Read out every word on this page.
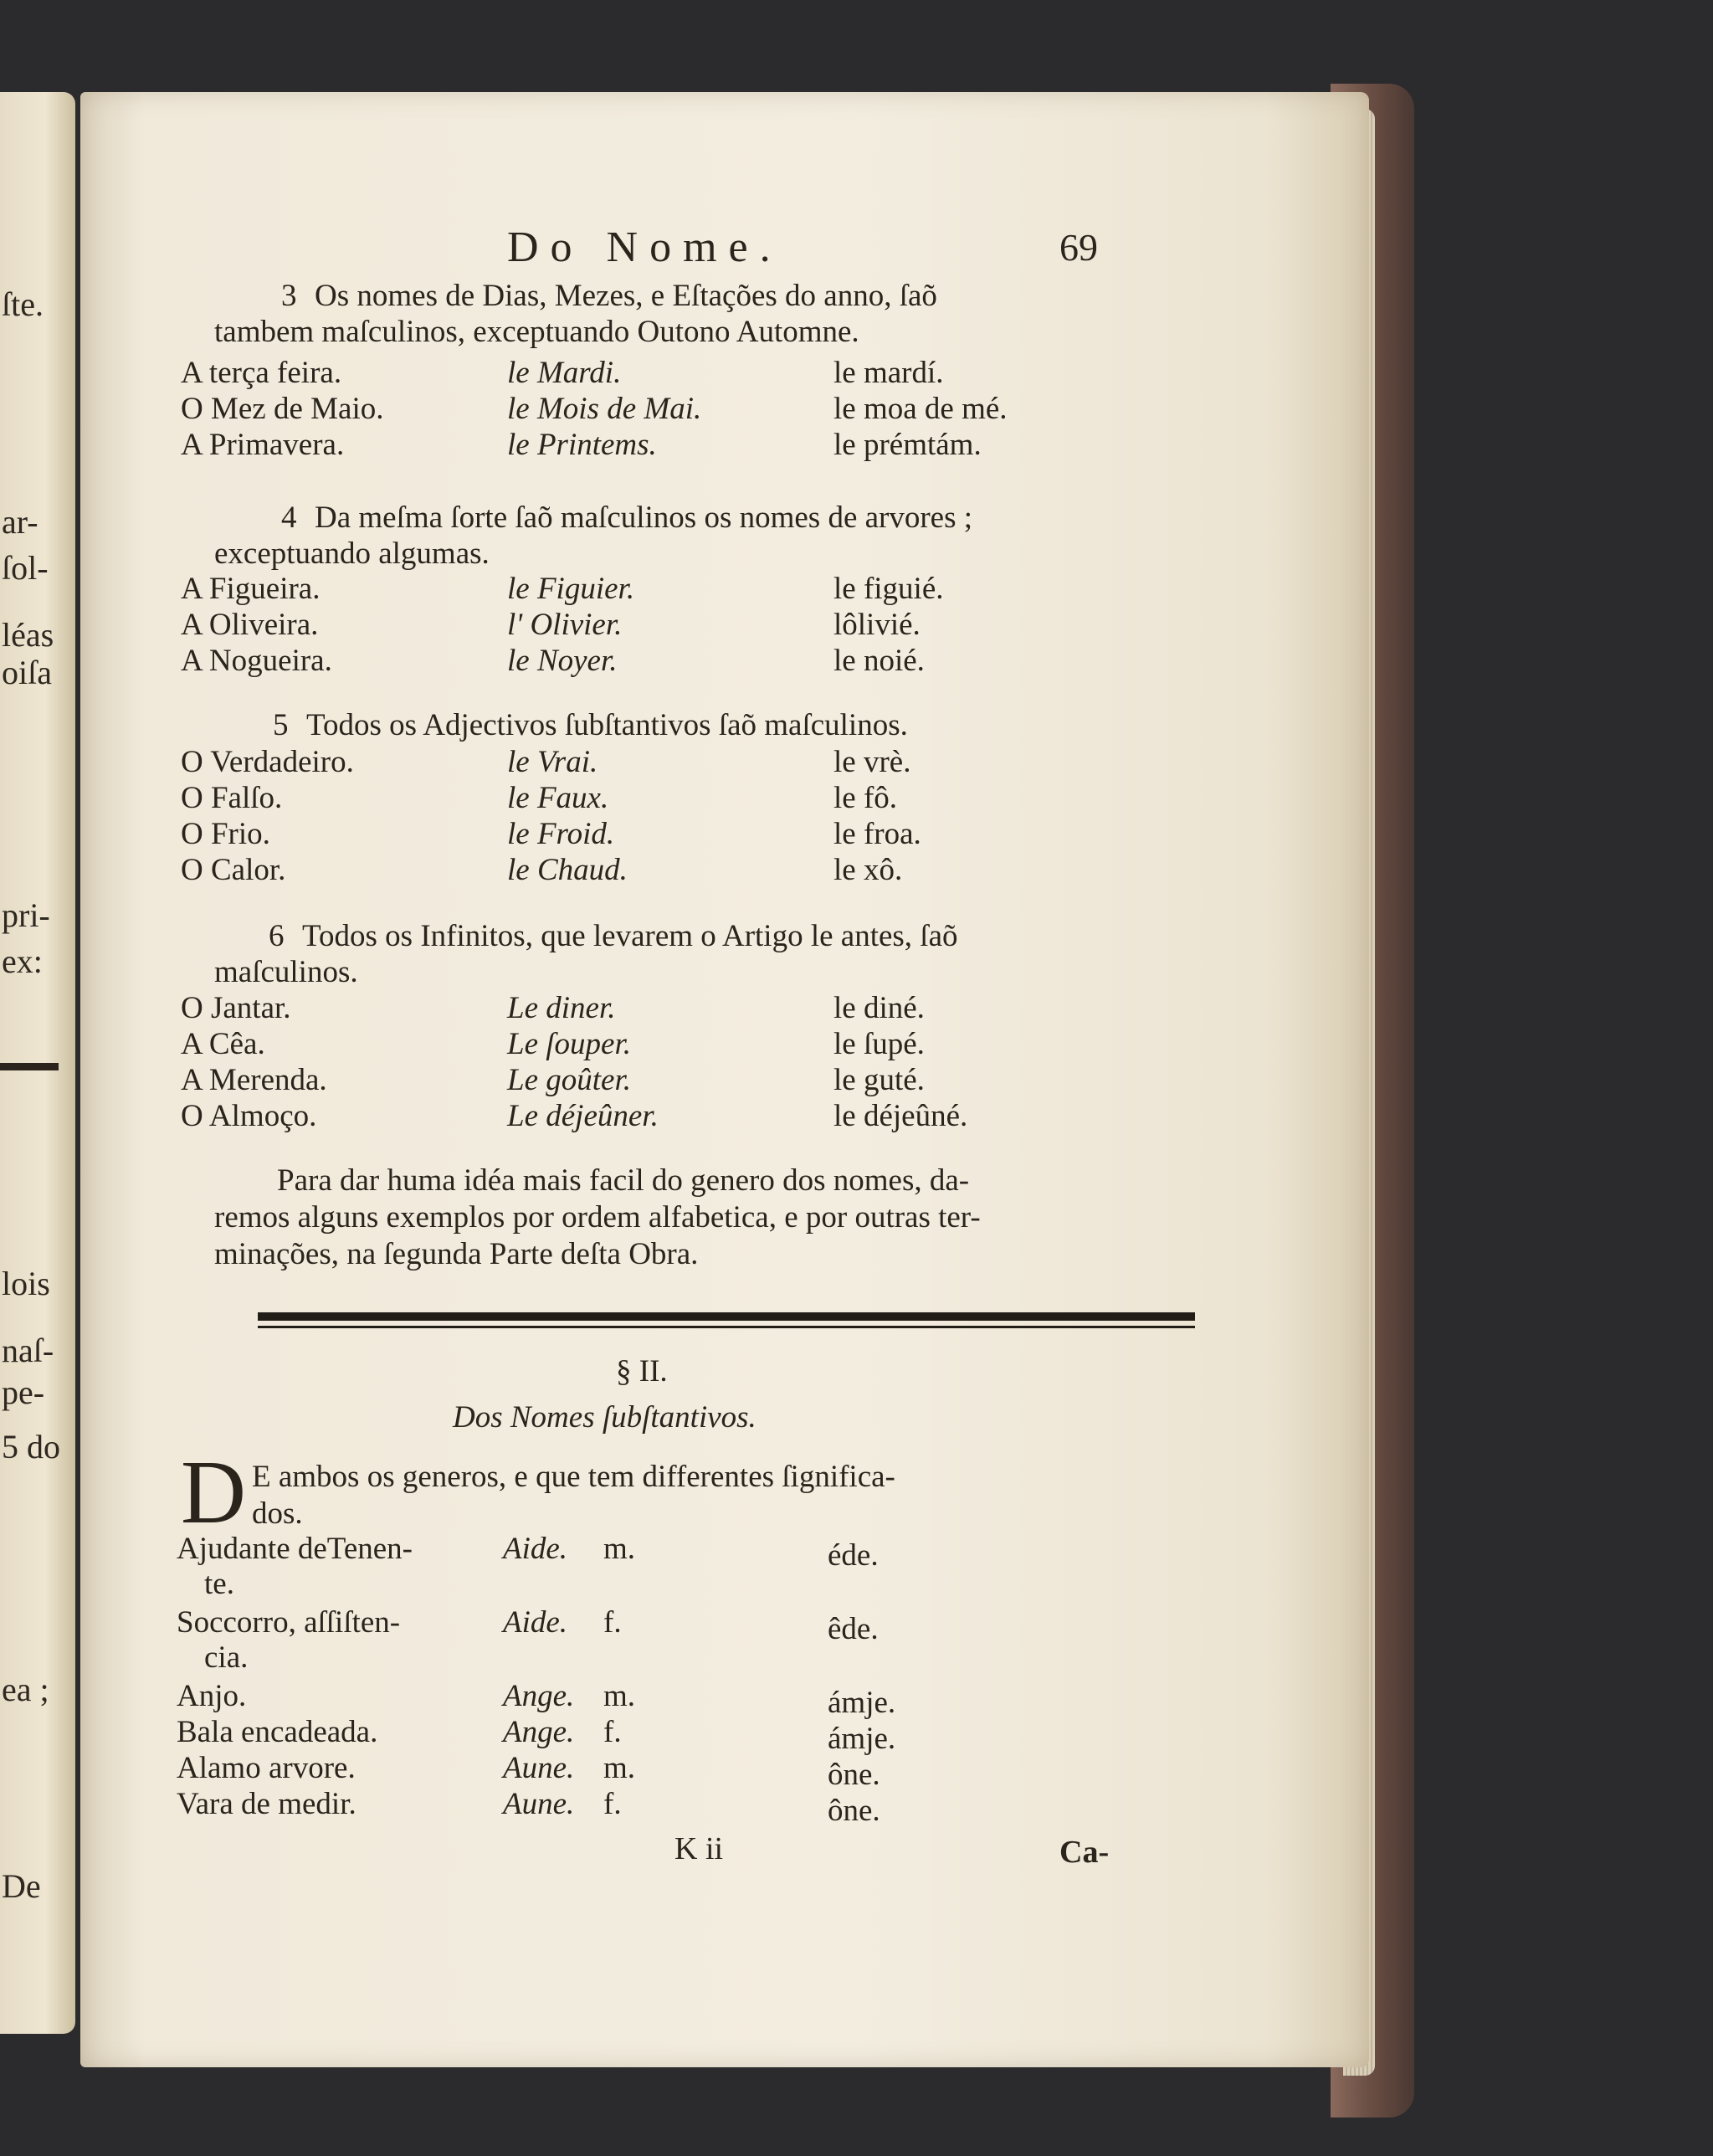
ſte.
ar-
ſol-
léas
oiſa
pri-
ex:
lois
naſ-
pe-
5 do
ea ;
De
Do Nome.	69
3 Os nomes de Dias, Mezes, e Eſtações do anno, ſaõ
tambem maſculinos, exceptuando Outono Automne.
A terça feira.	le Mardi.	le mardí.
O Mez de Maio.	le Mois de Mai.	le moa de mé.
A Primavera.	le Printems.	le prémtám.
4 Da meſma ſorte ſaõ maſculinos os nomes de arvores ;
exceptuando algumas.
A Figueira.	le Figuier.	le figuié.
A Oliveira.	l' Olivier.	lôlivié.
A Nogueira.	le Noyer.	le noié.
5 Todos os Adjectivos ſubſtantivos ſaõ maſculinos.
O Verdadeiro.	le Vrai.	le vrè.
O Falſo.	le Faux.	le fô.
O Frio.	le Froid.	le froa.
O Calor.	le Chaud.	le xô.
6 Todos os Infinitos, que levarem o Artigo le antes, ſaõ
maſculinos.
O Jantar.	Le diner.	le diné.
A Cêa.	Le ſouper.	le ſupé.
A Merenda.	Le goûter.	le guté.
O Almoço.	Le déjeûner.	le déjeûné.
Para dar huma idéa mais facil do genero dos nomes, da-
remos alguns exemplos por ordem alfabetica, e por outras ter-
minações, na ſegunda Parte deſta Obra.
§ II.
Dos Nomes ſubſtantivos.
D E ambos os generos, e que tem differentes ſignifica-
dos.
Ajudante deTenen-
te.
Aide. m.	éde.
Soccorro, aſſiſten-
cia.
Aide. f.	êde.
Anjo.	Ange. m.	ámje.
Bala encadeada.	Ange. f.	ámje.
Alamo arvore.	Aune. m.	ône.
Vara de medir.	Aune. f.	ône.
K ii	Ca-
